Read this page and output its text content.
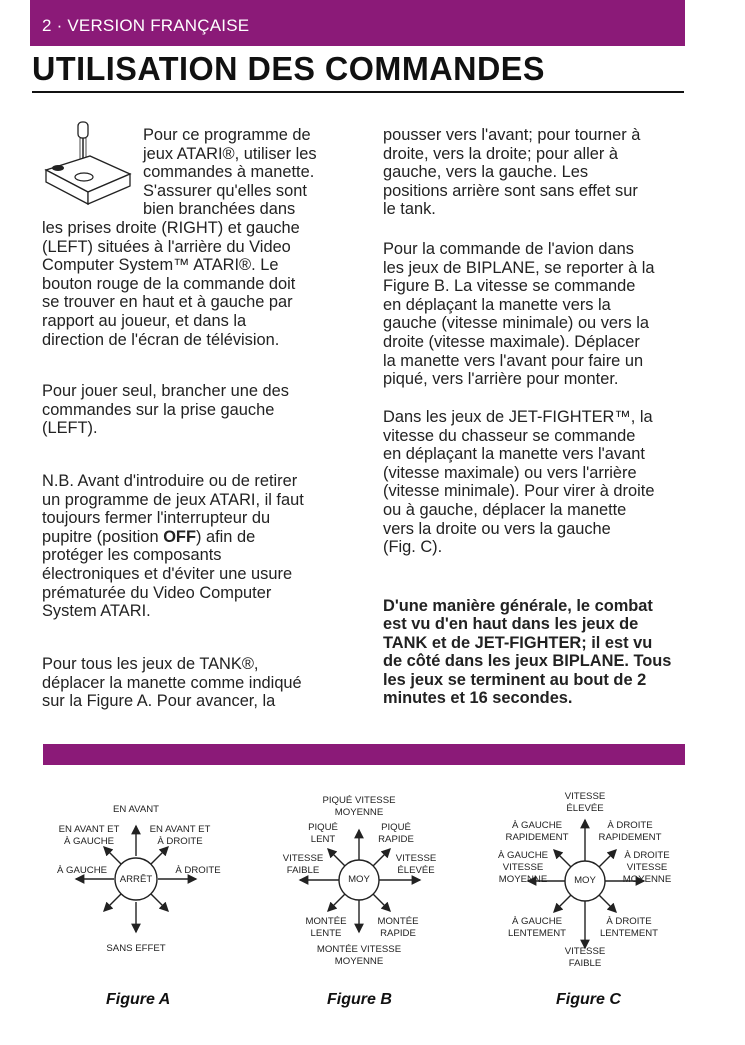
2 · VERSION FRANÇAISE
UTILISATION DES COMMANDES

Pour ce programme de

jeux ATARI®, utiliser les

commandes à manette.

S'assurer qu'elles sont

bien branchées dans

les prises droite (RIGHT) et gauche

(LEFT) situées à l'arrière du Video

Computer System™ ATARI®. Le

bouton rouge de la commande doit

se trouver en haut et à gauche par

rapport au joueur, et dans la

direction de l'écran de télévision.

Pour jouer seul, brancher une des

commandes sur la prise gauche

(LEFT).

N.B. Avant d'introduire ou de retirer

un programme de jeux ATARI, il faut

toujours fermer l'interrupteur du

pupitre (position OFF) afin de

protéger les composants

électroniques et d'éviter une usure

prématurée du Video Computer

System ATARI.

Pour tous les jeux de TANK®,

déplacer la manette comme indiqué

sur la Figure A. Pour avancer, la

pousser vers l'avant; pour tourner à

droite, vers la droite; pour aller à

gauche, vers la gauche. Les

positions arrière sont sans effet sur

le tank.

Pour la commande de l'avion dans

les jeux de BIPLANE, se reporter à la

Figure B. La vitesse se commande

en déplaçant la manette vers la

gauche (vitesse minimale) ou vers la

droite (vitesse maximale). Déplacer

la manette vers l'avant pour faire un

piqué, vers l'arrière pour monter.

Dans les jeux de JET-FIGHTER™, la

vitesse du chasseur se commande

en déplaçant la manette vers l'avant

(vitesse maximale) ou vers l'arrière

(vitesse minimale). Pour virer à droite

ou à gauche, déplacer la manette

vers la droite ou vers la gauche

(Fig. C).

D'une manière générale, le combat

est vu d'en haut dans les jeux de

TANK et de JET-FIGHTER; il est vu

de côté dans les jeux BIPLANE. Tous

les jeux se terminent au bout de 2

minutes et 16 secondes.

ARRÊT
EN AVANT
SANS EFFET
À GAUCHE	À DROITE
EN AVANT ET
À GAUCHE
EN AVANT ET
À DROITE
Figure A
MOY
PIQUÉ VITESSE
MOYENNE
MONTÉE VITESSE
MOYENNE
VITESSE
FAIBLE
VITESSE
ÉLEVÉE
PIQUÉ
LENT
PIQUÉ
RAPIDE
MONTÉE
LENTE
MONTÉE
RAPIDE
Figure B
MOY
VITESSE
ÉLEVÉE
VITESSE
FAIBLE
À GAUCHE
VITESSE
MOYENNE
À DROITE
VITESSE
MOYENNE
À GAUCHE
RAPIDEMENT
À DROITE
RAPIDEMENT
À GAUCHE
LENTEMENT
À DROITE
LENTEMENT
Figure C
